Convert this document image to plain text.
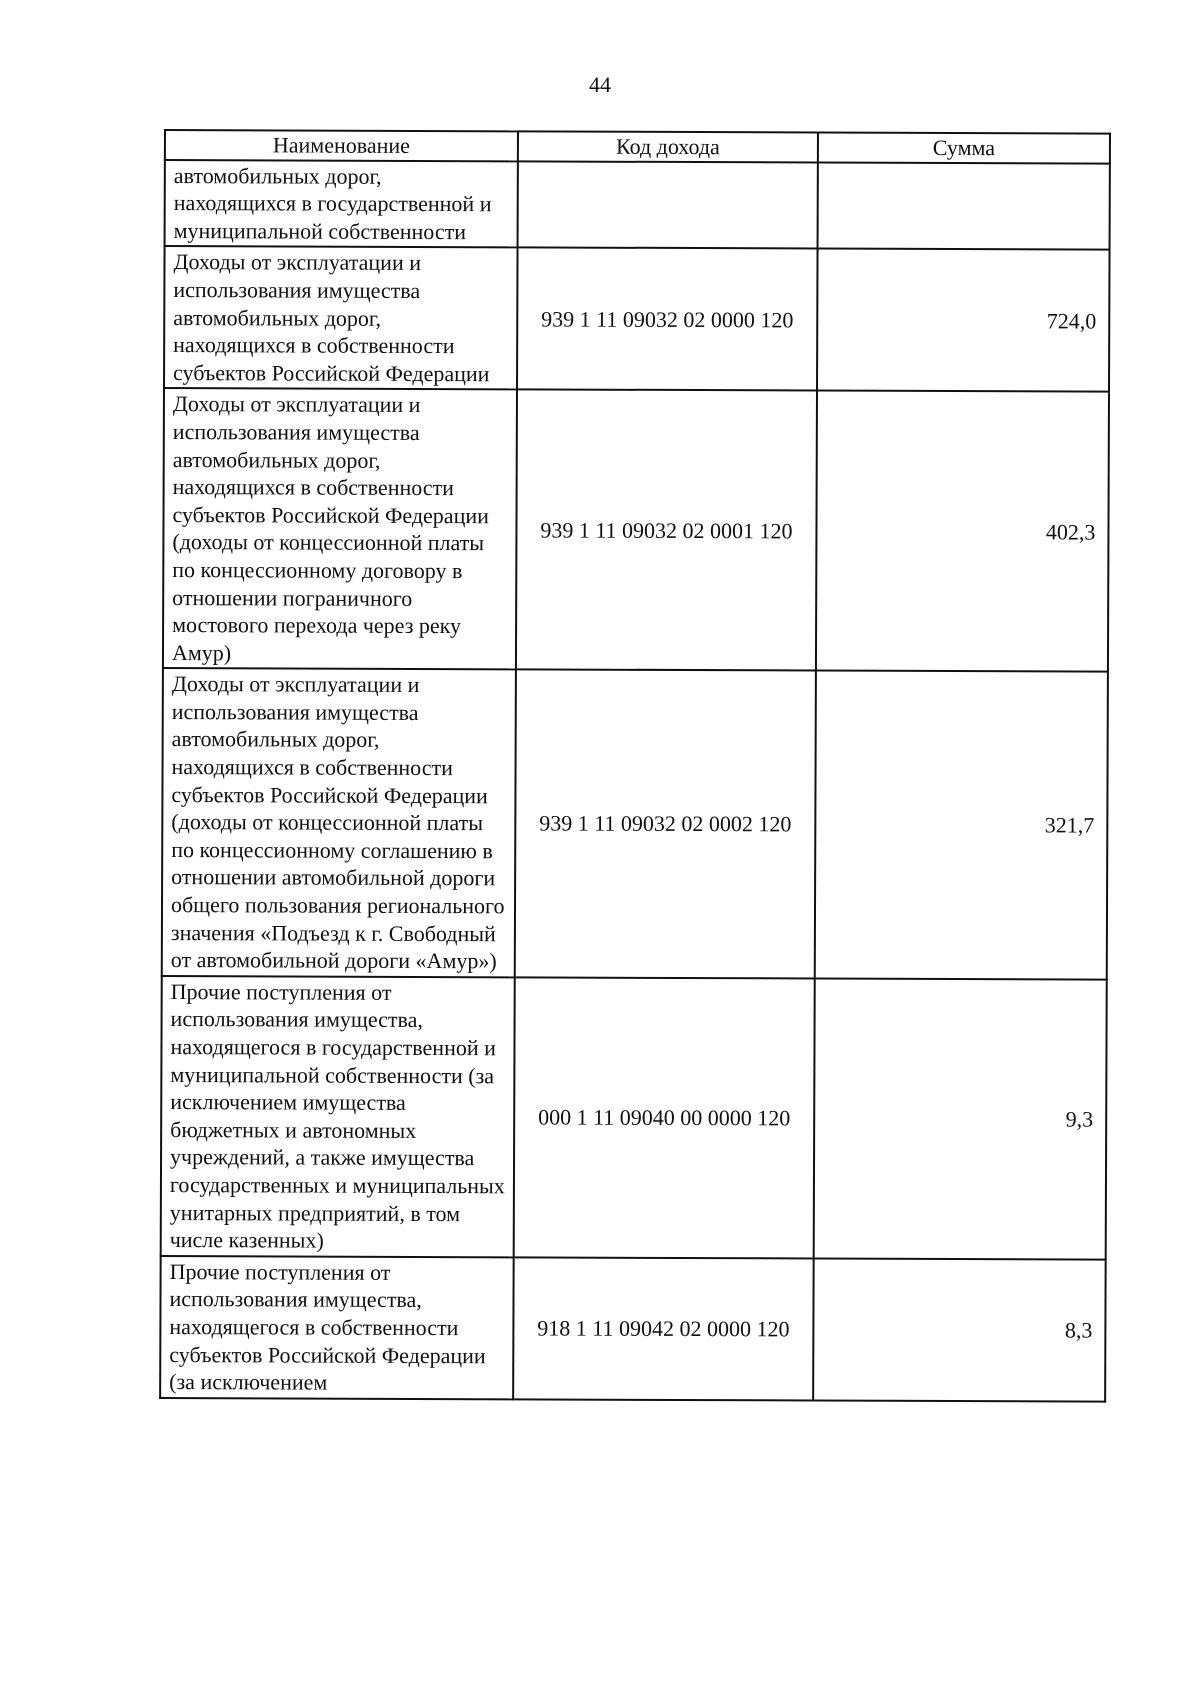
44
Наименование	Код дохода	Сумма
автомобильных дорог, находящихся в государственной и муниципальной собственности		
Доходы от эксплуатации и использования имущества автомобильных дорог, находящихся в собственности субъектов Российской Федерации	939 1 11 09032 02 0000 120	724,0
Доходы от эксплуатации и использования имущества автомобильных дорог, находящихся в собственности субъектов Российской Федерации (доходы от концессионной платы по концессионному договору в отношении пограничного мостового перехода через реку Амур)	939 1 11 09032 02 0001 120	402,3
Доходы от эксплуатации и использования имущества автомобильных дорог, находящихся в собственности субъектов Российской Федерации (доходы от концессионной платы по концессионному соглашению в отношении автомобильной дороги общего пользования регионального значения «Подъезд к г. Свободный от автомобильной дороги «Амур»)	939 1 11 09032 02 0002 120	321,7
Прочие поступления от использования имущества, находящегося в государственной и муниципальной собственности (за исключением имущества бюджетных и автономных учреждений, а также имущества государственных и муниципальных унитарных предприятий, в том числе казенных)	000 1 11 09040 00 0000 120	9,3
Прочие поступления от использования имущества, находящегося в собственности субъектов Российской Федерации (за исключением	918 1 11 09042 02 0000 120	8,3
